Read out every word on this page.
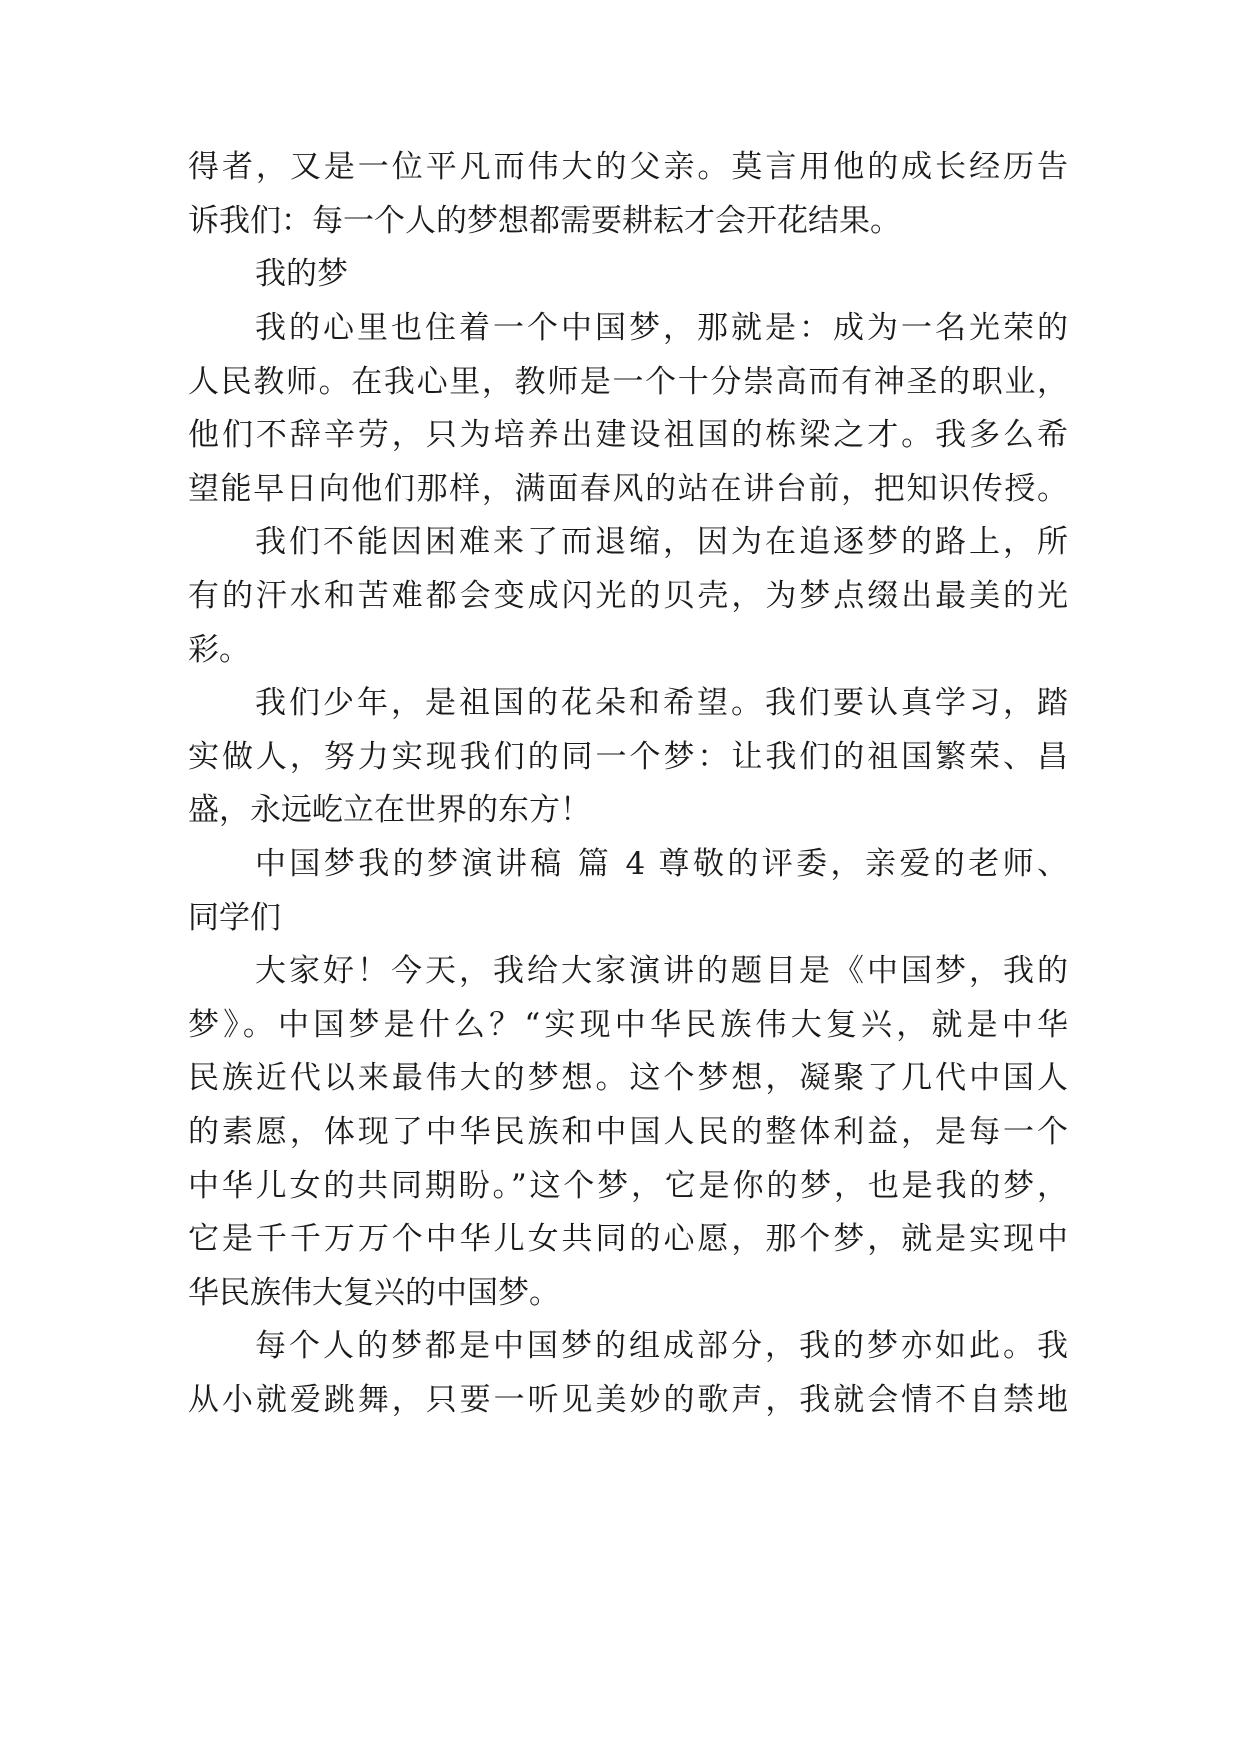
得者，又是一位平凡而伟大的父亲。莫言用他的成长经历告

诉我们：每一个人的梦想都需要耕耘才会开花结果。

我的梦

我的心里也住着一个中国梦，那就是：成为一名光荣的

人民教师。在我心里，教师是一个十分崇高而有神圣的职业，

他们不辞辛劳，只为培养出建设祖国的栋梁之才。我多么希

望能早日向他们那样，满面春风的站在讲台前，把知识传授。

我们不能因困难来了而退缩，因为在追逐梦的路上，所

有的汗水和苦难都会变成闪光的贝壳，为梦点缀出最美的光

彩。

我们少年，是祖国的花朵和希望。我们要认真学习，踏

实做人，努力实现我们的同一个梦：让我们的祖国繁荣、昌

盛，永远屹立在世界的东方！

中国梦我的梦演讲稿 篇 4 尊敬的评委，亲爱的老师、

同学们

大家好！今天，我给大家演讲的题目是《中国梦，我的

梦》。中国梦是什么？“实现中华民族伟大复兴，就是中华

民族近代以来最伟大的梦想。这个梦想，凝聚了几代中国人

的素愿，体现了中华民族和中国人民的整体利益，是每一个

中华儿女的共同期盼。”这个梦，它是你的梦，也是我的梦，

它是千千万万个中华儿女共同的心愿，那个梦，就是实现中

华民族伟大复兴的中国梦。

每个人的梦都是中国梦的组成部分，我的梦亦如此。我

从小就爱跳舞，只要一听见美妙的歌声，我就会情不自禁地
